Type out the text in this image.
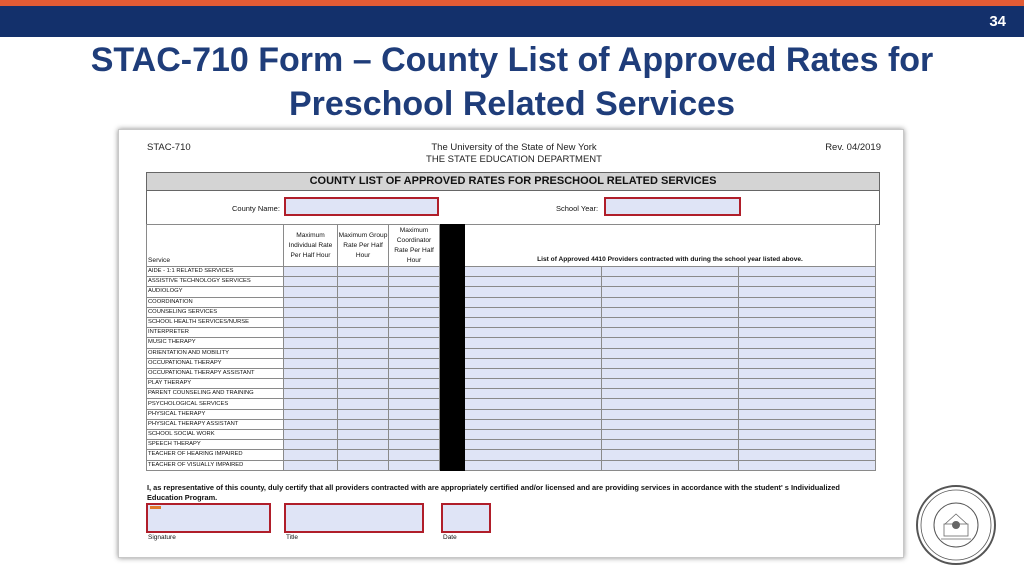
34
STAC-710 Form – County List of Approved Rates for Preschool Related Services
STAC-710	The University of the State of New York
THE STATE EDUCATION DEPARTMENT
Rev. 04/2019
COUNTY LIST OF APPROVED RATES FOR PRESCHOOL RELATED SERVICES
County Name:	School Year:
Service	Maximum Individual Rate Per Half Hour	Maximum Group Rate Per Half Hour	Maximum Coordinator Rate Per Half Hour		List of Approved 4410 Providers contracted with during the school year listed above.		
AIDE - 1:1 RELATED SERVICES							
ASSISTIVE TECHNOLOGY SERVICES							
AUDIOLOGY							
COORDINATION							
COUNSELING SERVICES							
SCHOOL HEALTH SERVICES/NURSE							
INTERPRETER							
MUSIC THERAPY							
ORIENTATION AND MOBILITY							
OCCUPATIONAL THERAPY							
OCCUPATIONAL THERAPY ASSISTANT							
PLAY THERAPY							
PARENT COUNSELING AND TRAINING							
PSYCHOLOGICAL SERVICES							
PHYSICAL THERAPY							
PHYSICAL THERAPY ASSISTANT							
SCHOOL SOCIAL WORK							
SPEECH THERAPY							
TEACHER OF HEARING IMPAIRED							
TEACHER OF VISUALLY IMPAIRED							
I, as representative of this county, duly certify that all providers contracted with are appropriately certified and/or licensed and are providing services in accordance with the student' s Individualized Education Program.
Signature	Title	Date
